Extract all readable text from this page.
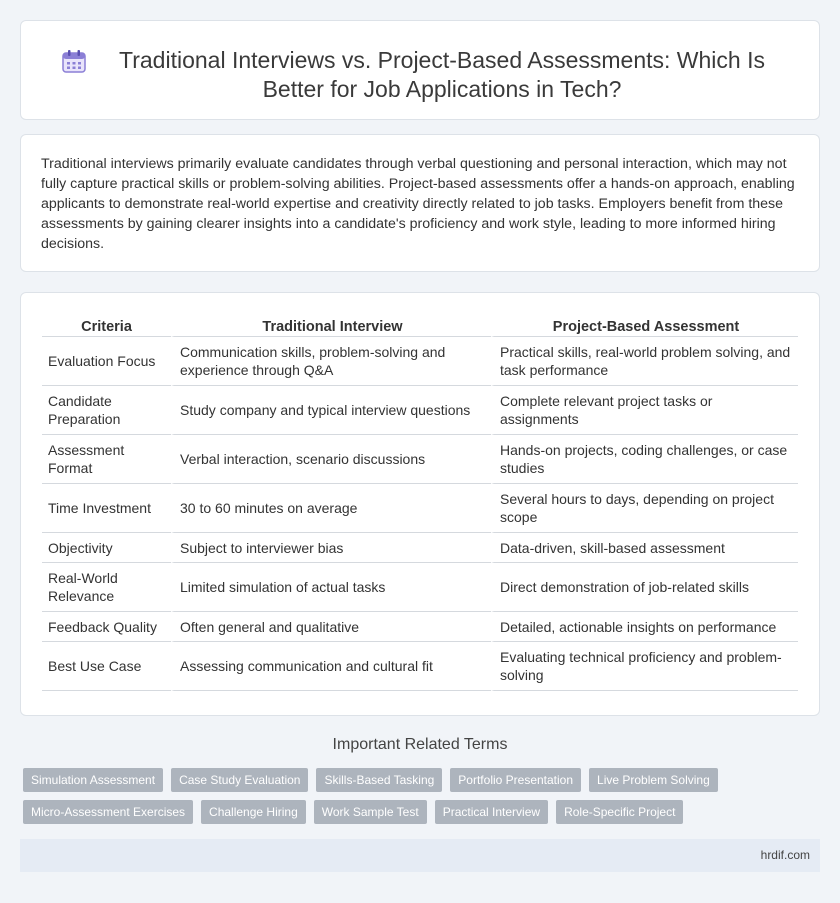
Traditional Interviews vs. Project-Based Assessments: Which Is Better for Job Applications in Tech?

Traditional interviews primarily evaluate candidates through verbal questioning and personal interaction, which may not fully capture practical skills or problem-solving abilities. Project-based assessments offer a hands-on approach, enabling applicants to demonstrate real-world expertise and creativity directly related to job tasks. Employers benefit from these assessments by gaining clearer insights into a candidate's proficiency and work style, leading to more informed hiring decisions.

Criteria	Traditional Interview	Project-Based Assessment
Evaluation Focus	Communication skills, problem-solving and experience through Q&A	Practical skills, real-world problem solving, and task performance
Candidate Preparation	Study company and typical interview questions	Complete relevant project tasks or assignments
Assessment Format	Verbal interaction, scenario discussions	Hands-on projects, coding challenges, or case studies
Time Investment	30 to 60 minutes on average	Several hours to days, depending on project scope
Objectivity	Subject to interviewer bias	Data-driven, skill-based assessment
Real-World Relevance	Limited simulation of actual tasks	Direct demonstration of job-related skills
Feedback Quality	Often general and qualitative	Detailed, actionable insights on performance
Best Use Case	Assessing communication and cultural fit	Evaluating technical proficiency and problem-solving
Important Related Terms
Simulation Assessment	Case Study Evaluation	Skills-Based Tasking	Portfolio Presentation	Live Problem Solving
Micro-Assessment Exercises	Challenge Hiring	Work Sample Test	Practical Interview	Role-Specific Project
hrdif.com
